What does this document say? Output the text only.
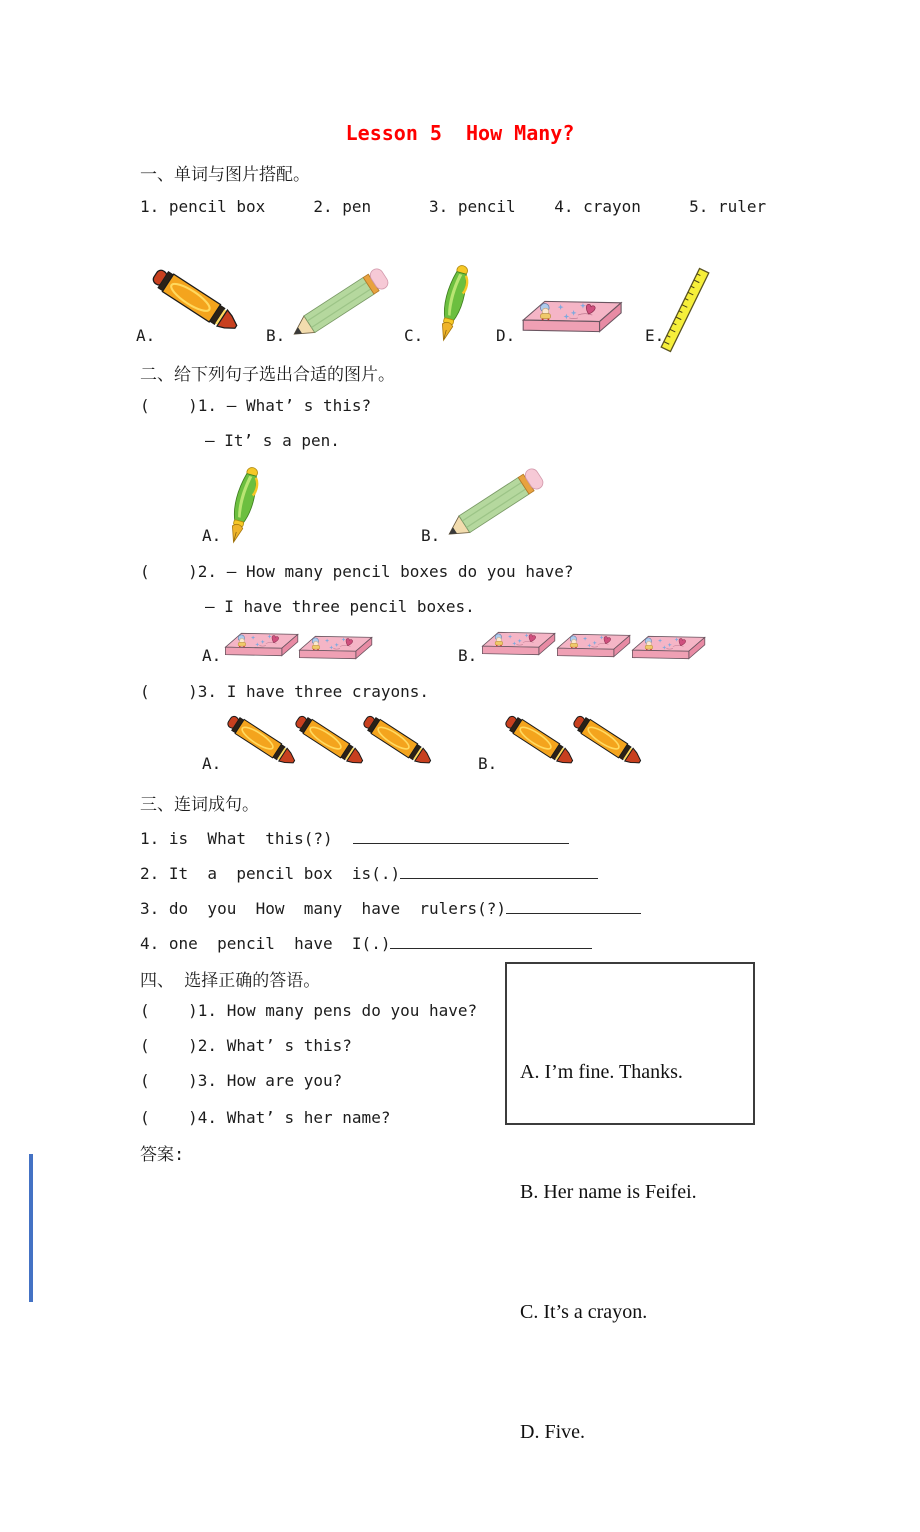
Lesson 5  How Many?
一、单词与图片搭配。
1. pencil box     2. pen      3. pencil    4. crayon     5. ruler
A.	B.	C.	D.	E.
二、给下列句子选出合适的图片。
(    )1. — What’ s this?
— It’ s a pen.
A.	B.
(    )2. — How many pencil boxes do you have?
— I have three pencil boxes.
A.	B.
(    )3. I have three crayons.
A.	B.
三、连词成句。
1. is  What  this(?)
2. It  a  pencil box  is(.)
3. do  you  How  many  have  rulers(?)
4. one  pencil  have  I(.)
四、 选择正确的答语。
(    )1. How many pens do you have?
(    )2. What’ s this?
(    )3. How are you?
(    )4. What’ s her name?

A. I’m fine. Thanks.

B. Her name is Feifei.

C. It’s a crayon.

D. Five.

答案:
